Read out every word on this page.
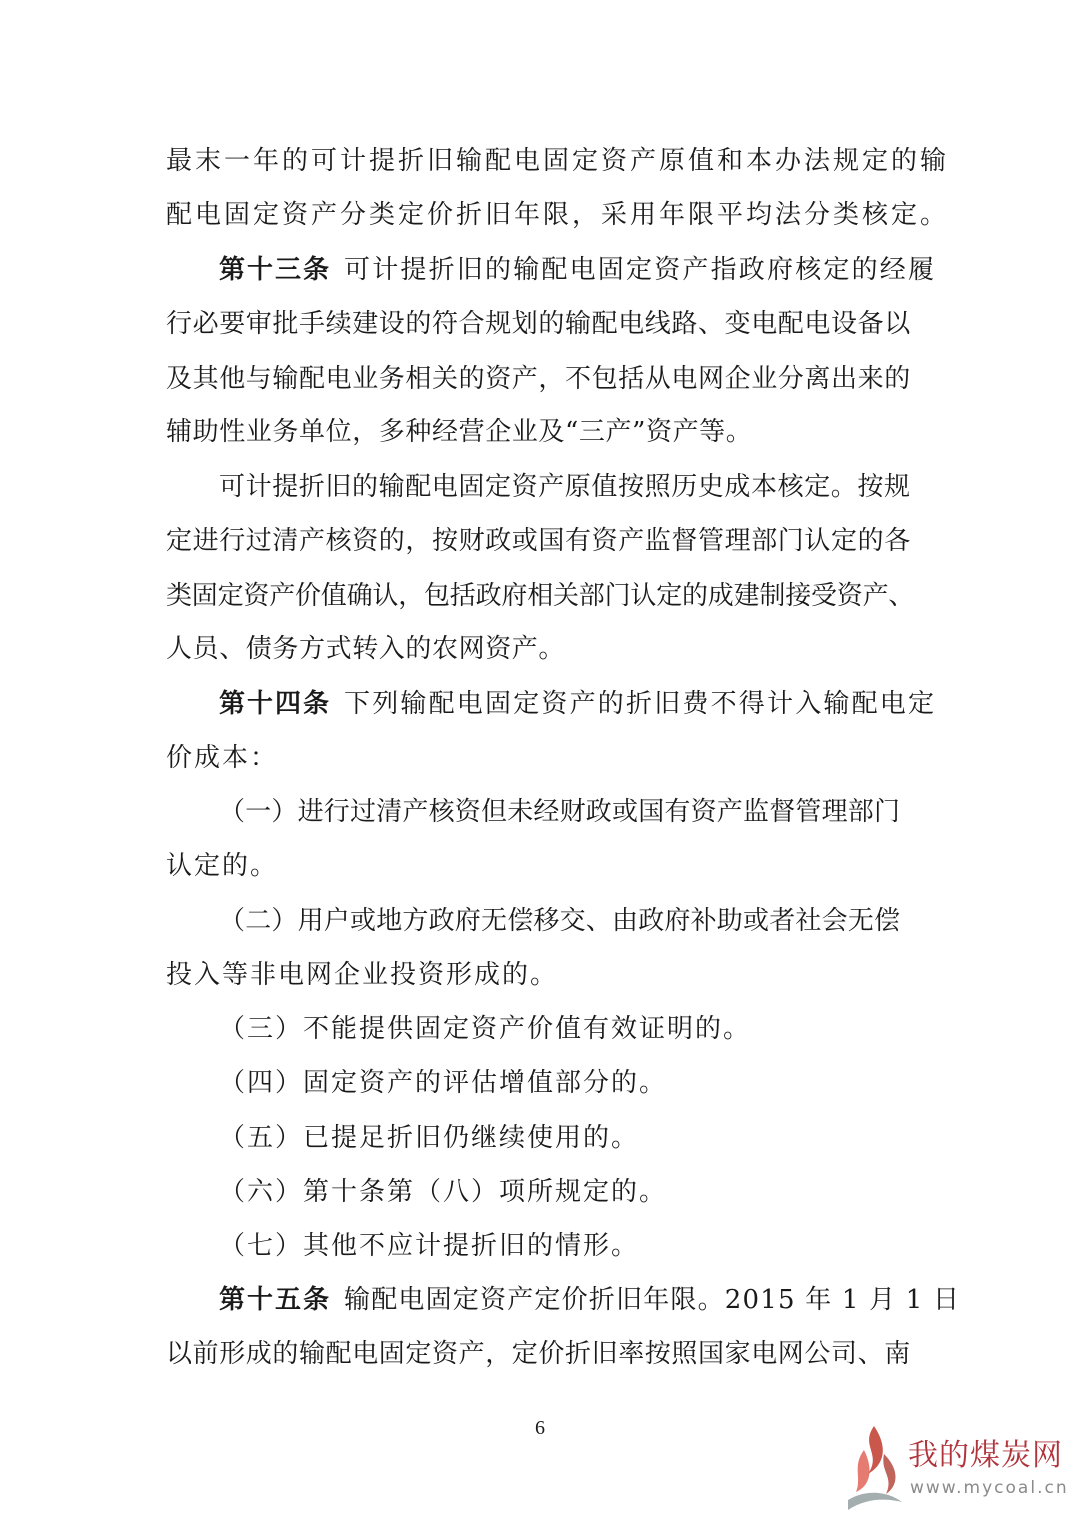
最末一年的可计提折旧输配电固定资产原值和本办法规定的输
配电固定资产分类定价折旧年限，采用年限平均法分类核定。
第十三条 可计提折旧的输配电固定资产指政府核定的经履
行必要审批手续建设的符合规划的输配电线路、变电配电设备以
及其他与输配电业务相关的资产，不包括从电网企业分离出来的
辅助性业务单位，多种经营企业及“三产”资产等。
可计提折旧的输配电固定资产原值按照历史成本核定。按规
定进行过清产核资的，按财政或国有资产监督管理部门认定的各
类固定资产价值确认，包括政府相关部门认定的成建制接受资产、
人员、债务方式转入的农网资产。
第十四条 下列输配电固定资产的折旧费不得计入输配电定
价成本：
（一）进行过清产核资但未经财政或国有资产监督管理部门
认定的。
（二）用户或地方政府无偿移交、由政府补助或者社会无偿
投入等非电网企业投资形成的。
（三）不能提供固定资产价值有效证明的。
（四）固定资产的评估增值部分的。
（五）已提足折旧仍继续使用的。
（六）第十条第（八）项所规定的。
（七）其他不应计提折旧的情形。
第十五条 输配电固定资产定价折旧年限。2015 年 1 月 1 日
以前形成的输配电固定资产，定价折旧率按照国家电网公司、南
6
我的煤炭网
www.mycoal.cn
